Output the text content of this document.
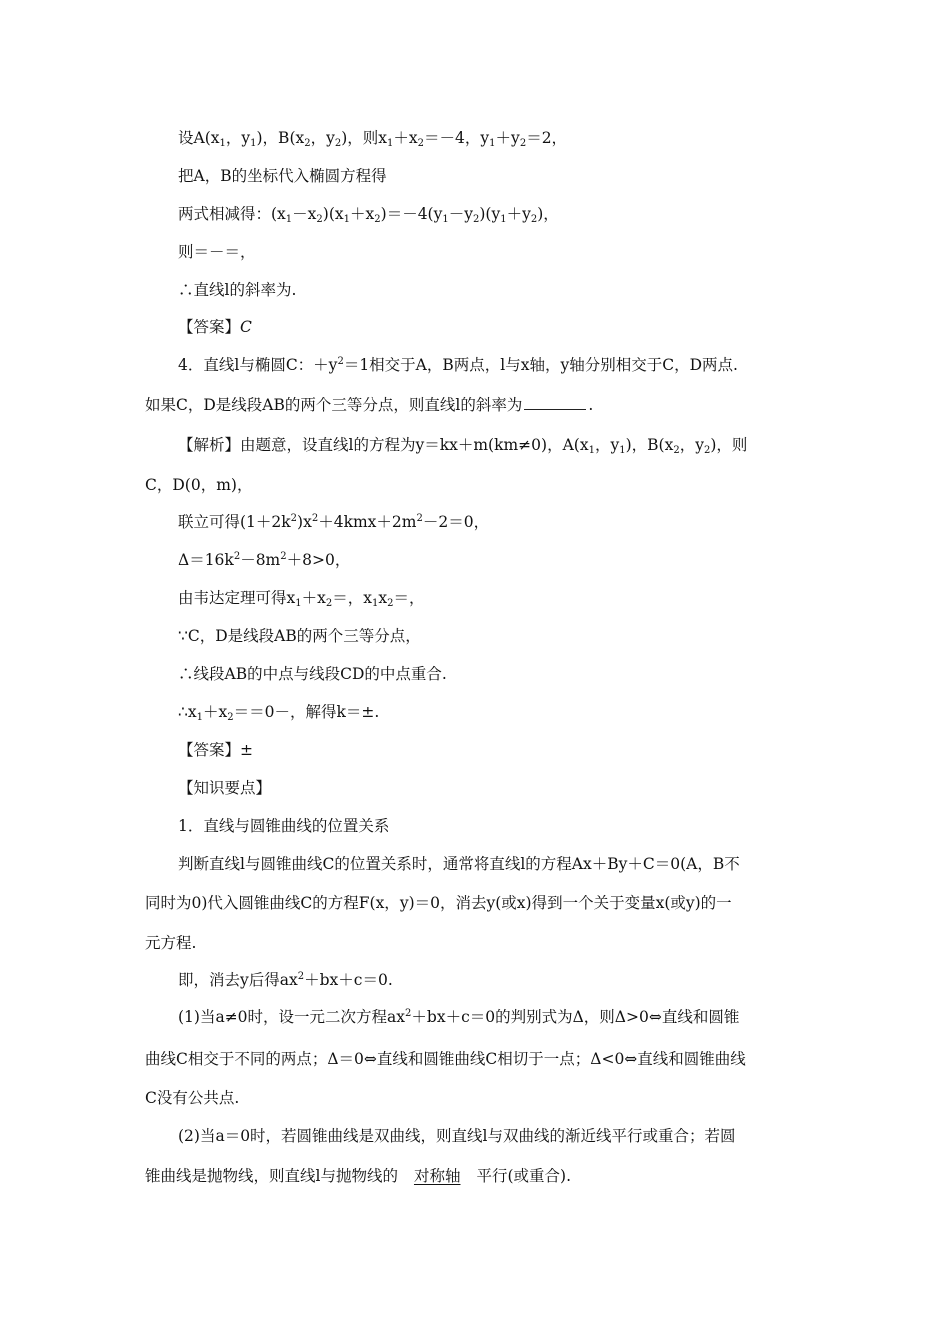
设$A(x_1$，$y_1$)，$B(x_2$，$y_2$)，则$x_1+x_2=-4$，$y_1+y_2=2$，
把A，B的坐标代入椭圆方程得
两式相减得：$(x_1-x_2)(x_1+x_2)=-4(y_1-y_2)(y_1+y_2)$，
则＝－＝，
∴直线l的斜率为.
【答案】C
4．直线l与椭圆C：$+y^2=1$相交于A，B两点，l与x轴，y轴分别相交于C，D两点.
如果C，D是线段AB的两个三等分点，则直线l的斜率为	.
【解析】由题意，设直线l的方程为y＝kx＋m(km≠0)，$A(x_1$，$y_1$)，$B(x_2$，$y_2$)，则
C，D(0，m)，
联立可得$(1+2k^2)x^2+4kmx+2m^2-2=0$，
$\Delta=16k^2-8m^2+8>0$，
由韦达定理可得$x_1+x_2=$，$x_1x_2=$，
∵C，D是线段AB的两个三等分点，
∴线段AB的中点与线段CD的中点重合.
$\therefore x_1+x_2==0-$，解得k＝±.
【答案】±
【知识要点】
1．直线与圆锥曲线的位置关系
判断直线l与圆锥曲线C的位置关系时，通常将直线l的方程Ax＋By＋C＝0(A，B不
同时为0)代入圆锥曲线C的方程F(x，y)＝0，消去y(或x)得到一个关于变量x(或y)的一
元方程.
即，消去y后得$ax^2+bx+c=0$.
(1)当a≠0时，设一元二次方程$ax^2+bx+c=0$的判别式为Δ，则Δ>0⇔直线和圆锥
曲线C相交于不同的两点；Δ＝0⇔直线和圆锥曲线C相切于一点；Δ<0⇔直线和圆锥曲线
C没有公共点.
(2)当a＝0时，若圆锥曲线是双曲线，则直线l与双曲线的渐近线平行或重合；若圆
锥曲线是抛物线，则直线l与抛物线的 对称轴 平行(或重合).
